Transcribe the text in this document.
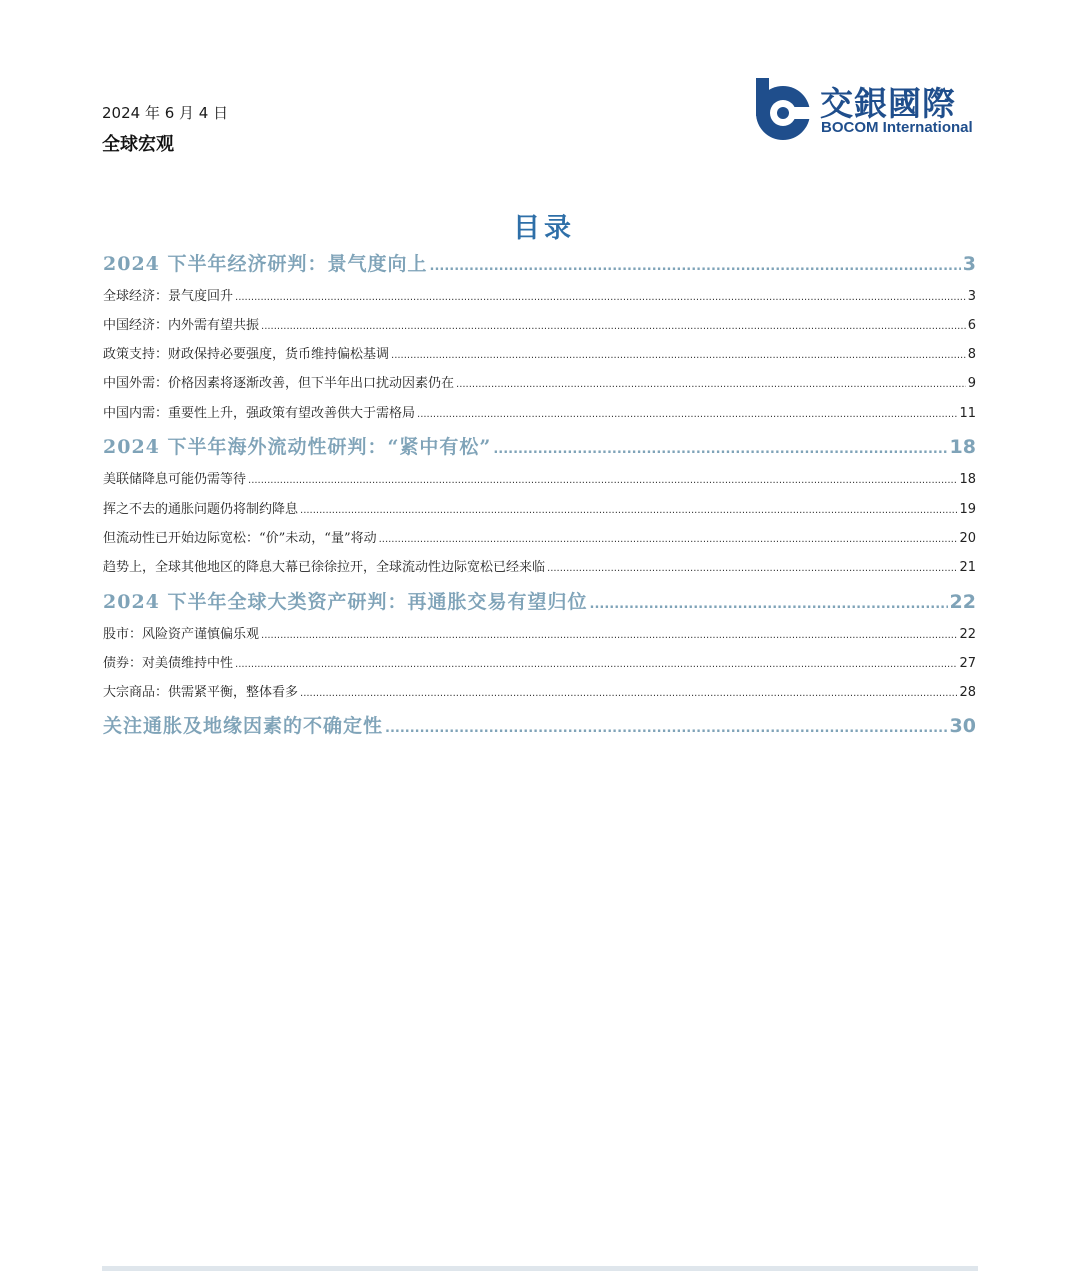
2024 年 6 月 4 日
全球宏观
交銀國際
BOCOM International
目录
2024 下半年经济研判：景气度向上 .....	3
全球经济：景气度回升 .....	3
中国经济：内外需有望共振 .....	6
政策支持：财政保持必要强度，货币维持偏松基调 .....	8
中国外需：价格因素将逐渐改善，但下半年出口扰动因素仍在 .....	9
中国内需：重要性上升，强政策有望改善供大于需格局 .....	11
2024 下半年海外流动性研判：“紧中有松” .....	18
美联储降息可能仍需等待 .....	18
挥之不去的通胀问题仍将制约降息 .....	19
但流动性已开始边际宽松：“价”未动，“量”将动 .....	20
趋势上，全球其他地区的降息大幕已徐徐拉开，全球流动性边际宽松已经来临 .....	21
2024 下半年全球大类资产研判：再通胀交易有望归位 .....	22
股市：风险资产谨慎偏乐观 .....	22
债券：对美债维持中性 .....	27
大宗商品：供需紧平衡，整体看多 .....	28
关注通胀及地缘因素的不确定性 .....	30
